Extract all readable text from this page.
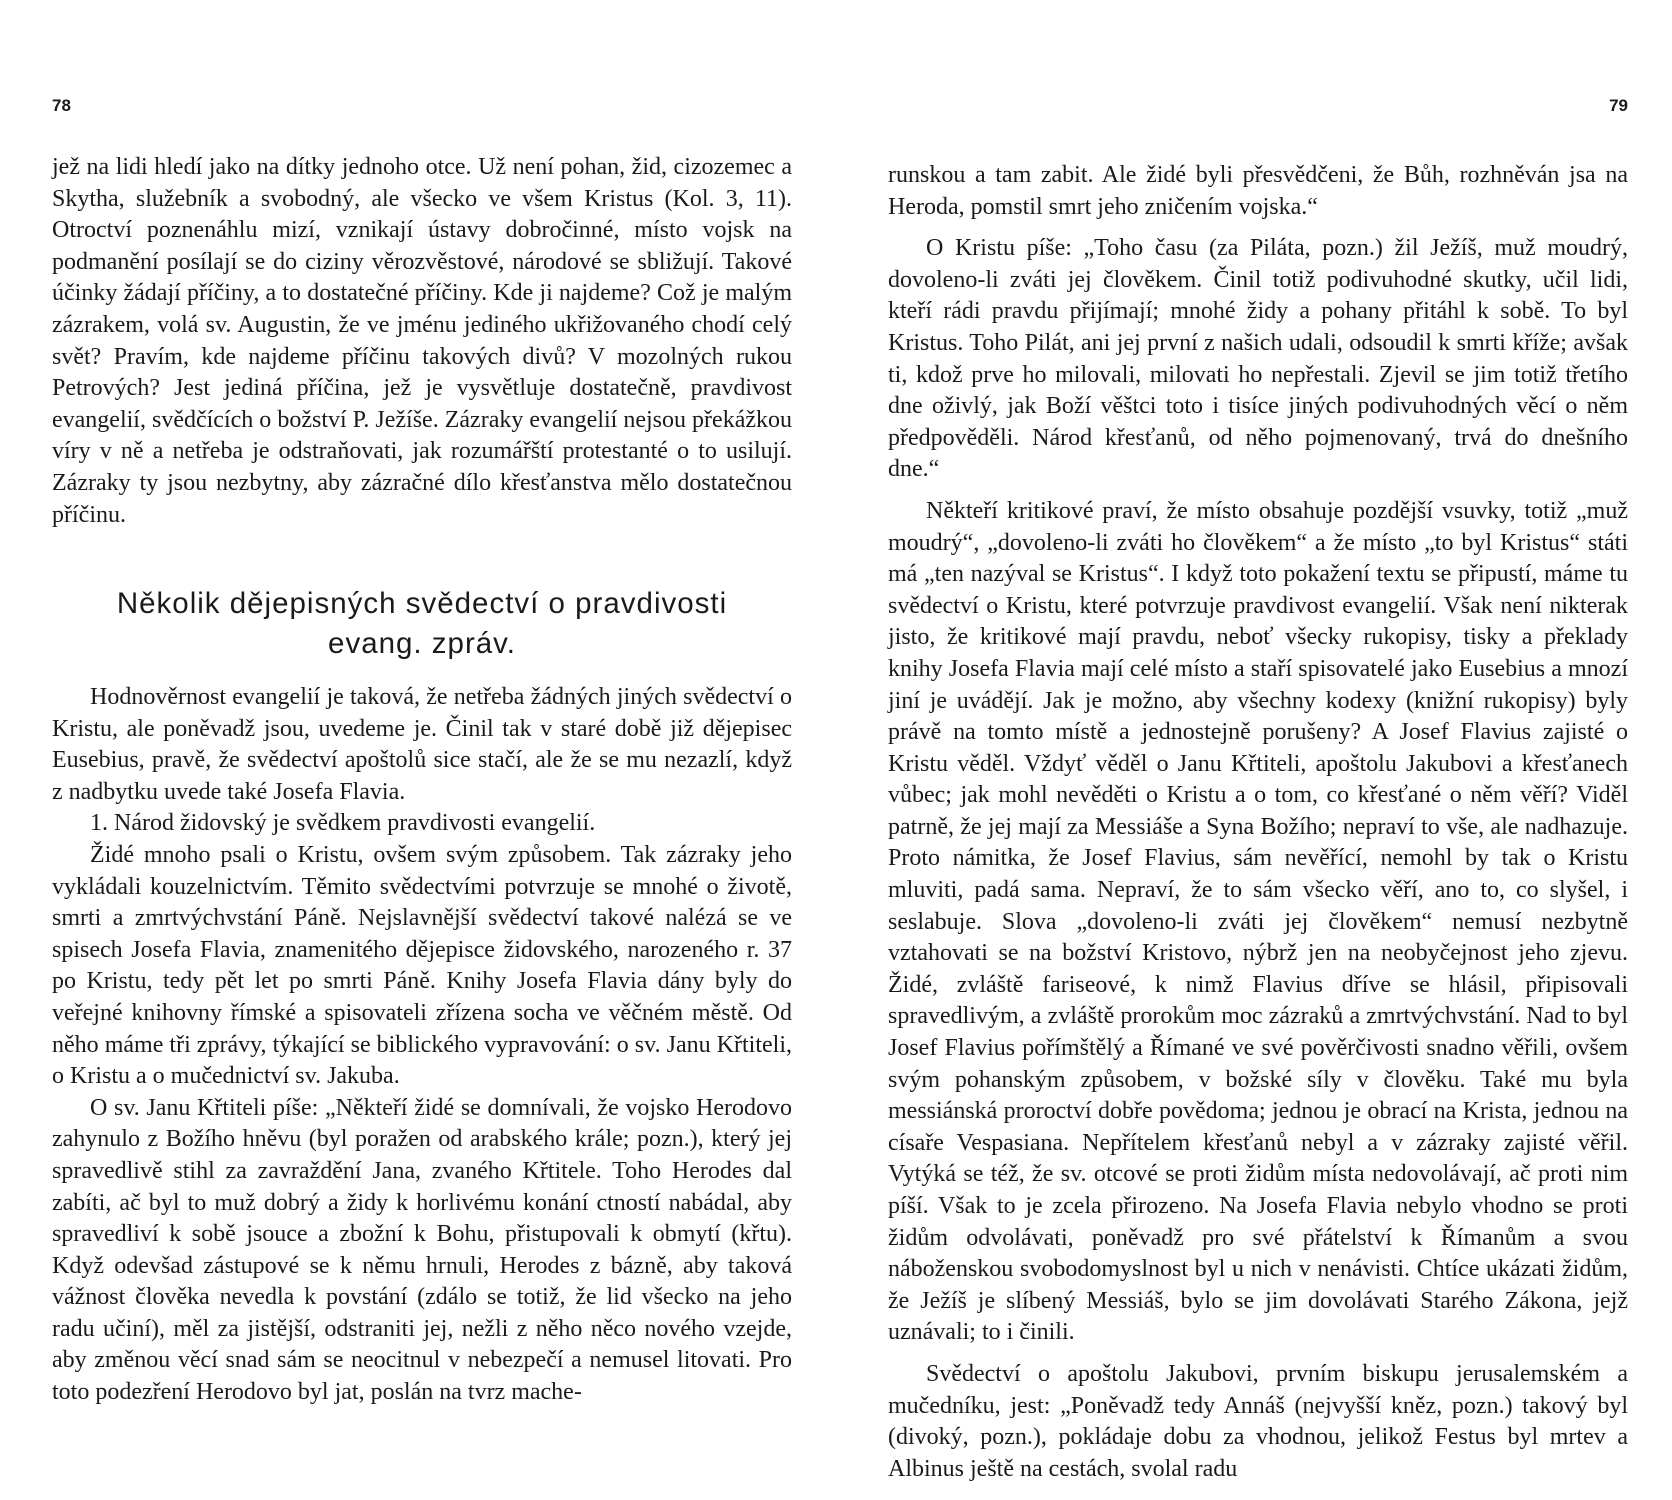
78

jež na lidi hledí jako na dítky jednoho otce. Už není pohan, žid, cizozemec a Skytha, služebník a svobodný, ale všecko ve všem Kristus (Kol. 3, 11). Otroctví poznenáhlu mizí, vznikají ústavy dobročinné, místo vojsk na podmanění posílají se do ciziny věrozvěstové, národové se sbližují. Takové účinky žádají příčiny, a to dostatečné příčiny. Kde ji najdeme? Což je malým zázrakem, volá sv. Augustin, že ve jménu jediného ukřižovaného chodí celý svět? Pravím, kde najdeme příčinu takových divů? V mozolných rukou Petrových? Jest jediná příčina, jež je vysvětluje dostatečně, pravdivost evangelií, svědčících o božství P. Ježíše. Zázraky evangelií nejsou překážkou víry v ně a netřeba je odstraňovati, jak rozumářští protestanté o to usilují. Zázraky ty jsou nezbytny, aby zázračné dílo křesťanstva mělo dostatečnou příčinu.

Několik dějepisných svědectví o pravdivosti
evang. zpráv.

Hodnověrnost evangelií je taková, že netřeba žádných jiných svědectví o Kristu, ale poněvadž jsou, uvedeme je. Činil tak v staré době již dějepisec Eusebius, pravě, že svědectví apoštolů sice stačí, ale že se mu nezazlí, když z nadbytku uvede také Josefa Flavia.

1. Národ židovský je svědkem pravdivosti evangelií.

Židé mnoho psali o Kristu, ovšem svým způsobem. Tak zázraky jeho vykládali kouzelnictvím. Těmito svědectvími potvrzuje se mnohé o životě, smrti a zmrtvýchvstání Páně. Nejslavnější svědectví takové nalézá se ve spisech Josefa Flavia, znamenitého dějepisce židovského, narozeného r. 37 po Kristu, tedy pět let po smrti Páně. Knihy Josefa Flavia dány byly do veřejné knihovny římské a spisovateli zřízena socha ve věčném městě. Od něho máme tři zprávy, týkající se biblického vypravování: o sv. Janu Křtiteli, o Kristu a o mučednictví sv. Jakuba.

O sv. Janu Křtiteli píše: „Někteří židé se domnívali, že vojsko Herodovo zahynulo z Božího hněvu (byl poražen od arabského krále; pozn.), který jej spravedlivě stihl za zavraždění Jana, zvaného Křtitele. Toho Herodes dal zabíti, ač byl to muž dobrý a židy k horlivému konání ctností nabádal, aby spravedliví k sobě jsouce a zbožní k Bohu, přistupovali k obmytí (křtu). Když odevšad zástupové se k němu hrnuli, Herodes z bázně, aby taková vážnost člověka nevedla k povstání (zdálo se totiž, že lid všecko na jeho radu učiní), měl za jistější, odstraniti jej, nežli z něho něco nového vzejde, aby změnou věcí snad sám se neocitnul v nebezpečí a nemusel litovati. Pro toto podezření Herodovo byl jat, poslán na tvrz mache-

79

runskou a tam zabit. Ale židé byli přesvědčeni, že Bůh, rozhněván jsa na Heroda, pomstil smrt jeho zničením vojska.“

O Kristu píše: „Toho času (za Piláta, pozn.) žil Ježíš, muž moudrý, dovoleno-li zváti jej člověkem. Činil totiž podivuhodné skutky, učil lidi, kteří rádi pravdu přijímají; mnohé židy a pohany přitáhl k sobě. To byl Kristus. Toho Pilát, ani jej první z našich udali, odsoudil k smrti kříže; avšak ti, kdož prve ho milovali, milovati ho nepřestali. Zjevil se jim totiž třetího dne oživlý, jak Boží věštci toto i tisíce jiných podivuhodných věcí o něm předpověděli. Národ křesťanů, od něho pojmenovaný, trvá do dnešního dne.“

Někteří kritikové praví, že místo obsahuje pozdější vsuvky, totiž „muž moudrý“, „dovoleno-li zváti ho člověkem“ a že místo „to byl Kristus“ státi má „ten nazýval se Kristus“. I když toto pokažení textu se připustí, máme tu svědectví o Kristu, které potvrzuje pravdivost evangelií. Však není nikterak jisto, že kritikové mají pravdu, neboť všecky rukopisy, tisky a překlady knihy Josefa Flavia mají celé místo a staří spisovatelé jako Eusebius a mnozí jiní je uvádějí. Jak je možno, aby všechny kodexy (knižní rukopisy) byly právě na tomto místě a jednostejně porušeny? A Josef Flavius zajisté o Kristu věděl. Vždyť věděl o Janu Křtiteli, apoštolu Jakubovi a křesťanech vůbec; jak mohl nevěděti o Kristu a o tom, co křesťané o něm věří? Viděl patrně, že jej mají za Messiáše a Syna Božího; nepraví to vše, ale nadhazuje. Proto námitka, že Josef Flavius, sám nevěřící, nemohl by tak o Kristu mluviti, padá sama. Nepraví, že to sám všecko věří, ano to, co slyšel, i seslabuje. Slova „dovoleno-li zváti jej člověkem“ nemusí nezbytně vztahovati se na božství Kristovo, nýbrž jen na neobyčejnost jeho zjevu. Židé, zvláště fariseové, k nimž Flavius dříve se hlásil, připisovali spravedlivým, a zvláště prorokům moc zázraků a zmrtvýchvstání. Nad to byl Josef Flavius pořímštělý a Římané ve své pověrčivosti snadno věřili, ovšem svým pohanským způsobem, v božské síly v člověku. Také mu byla messiánská proroctví dobře povědoma; jednou je obrací na Krista, jednou na císaře Vespasiana. Nepřítelem křesťanů nebyl a v zázraky zajisté věřil. Vytýká se též, že sv. otcové se proti židům místa nedovolávají, ač proti nim píší. Však to je zcela přirozeno. Na Josefa Flavia nebylo vhodno se proti židům odvolávati, poněvadž pro své přátelství k Římanům a svou náboženskou svobodomyslnost byl u nich v nenávisti. Chtíce ukázati židům, že Ježíš je slíbený Messiáš, bylo se jim dovolávati Starého Zákona, jejž uznávali; to i činili.

Svědectví o apoštolu Jakubovi, prvním biskupu jerusalemském a mučedníku, jest: „Poněvadž tedy Annáš (nejvyšší kněz, pozn.) takový byl (divoký, pozn.), pokládaje dobu za vhodnou, jelikož Festus byl mrtev a Albinus ještě na cestách, svolal radu
